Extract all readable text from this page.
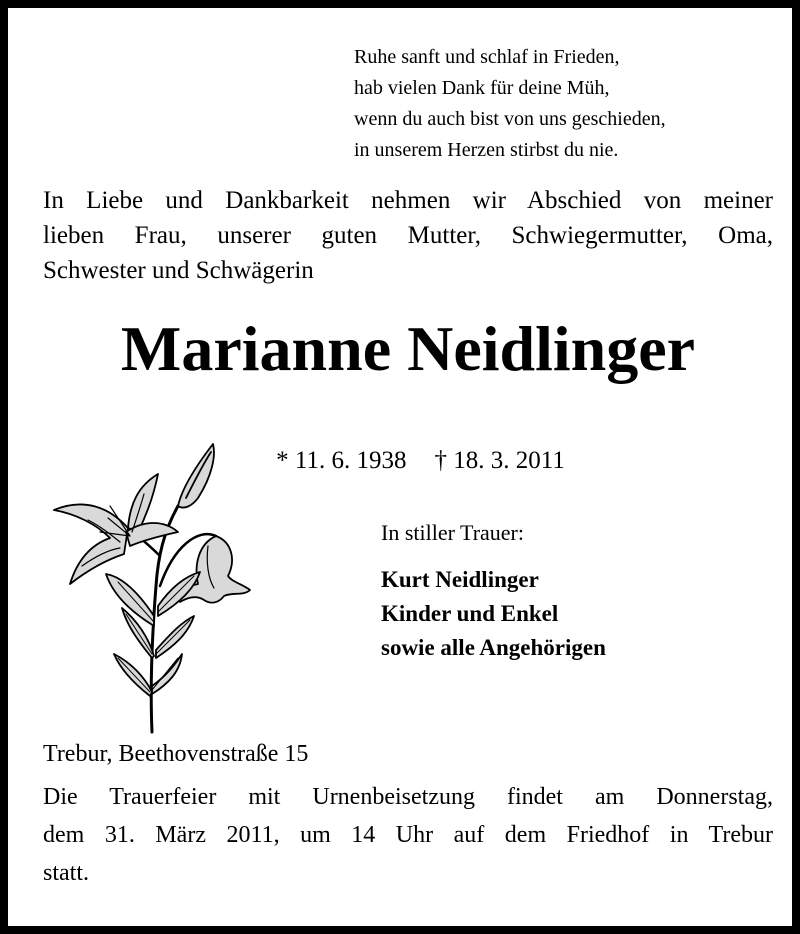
Ruhe sanft und schlaf in Frieden,
hab vielen Dank für deine Müh,
wenn du auch bist von uns geschieden,
in unserem Herzen stirbst du nie.
In Liebe und Dankbarkeit nehmen wir Abschied von meiner
lieben Frau, unserer guten Mutter, Schwiegermutter, Oma,
Schwester und Schwägerin
Marianne Neidlinger

* 11. 6. 1938 † 18. 3. 2011

In stiller Trauer:
Kurt Neidlinger
Kinder und Enkel
sowie alle Angehörigen
Trebur, Beethovenstraße 15
Die Trauerfeier mit Urnenbeisetzung findet am Donnerstag,
dem 31. März 2011, um 14 Uhr auf dem Friedhof in Trebur
statt.
